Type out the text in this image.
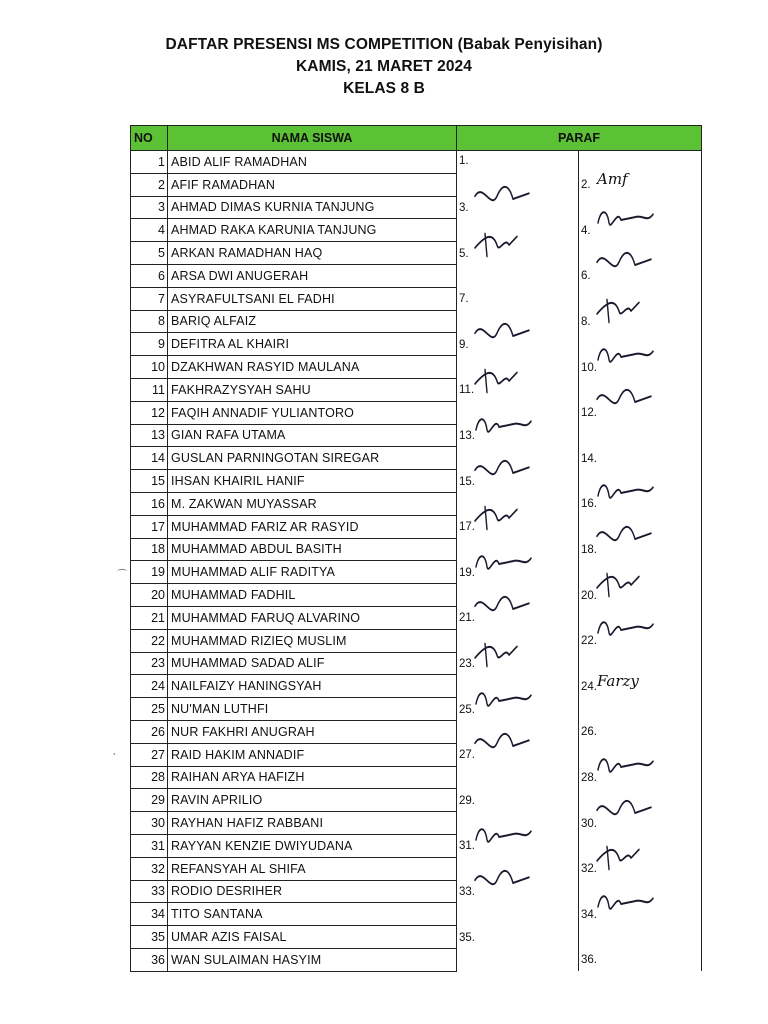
DAFTAR PRESENSI MS COMPETITION (Babak Penyisihan)
KAMIS, 21 MARET 2024
KELAS 8 B
NO	NAMA SISWA	PARAF	
1	ABID ALIF RAMADHAN	1.	

2	AFIF RAMADHAN		2. Amf

3	AHMAD DIMAS KURNIA TANJUNG	3.	

4	AHMAD RAKA KARUNIA TANJUNG		4.

5	ARKAN RAMADHAN HAQ	5.	

6	ARSA DWI ANUGERAH		6.

7	ASYRAFULTSANI EL FADHI	7.	

8	BARIQ ALFAIZ		8.

9	DEFITRA AL KHAIRI	9.	

10	DZAKHWAN RASYID MAULANA		10.

11	FAKHRAZYSYAH SAHU	11.	

12	FAQIH ANNADIF YULIANTORO		12.

13	GIAN RAFA UTAMA	13.	

14	GUSLAN PARNINGOTAN SIREGAR		14.

15	IHSAN KHAIRIL HANIF	15.	

16	M. ZAKWAN MUYASSAR		16.

17	MUHAMMAD FARIZ AR RASYID	17.	

18	MUHAMMAD ABDUL BASITH		18.

19	MUHAMMAD ALIF RADITYA	19.	

20	MUHAMMAD FADHIL		20.

21	MUHAMMAD FARUQ ALVARINO	21.	

22	MUHAMMAD RIZIEQ MUSLIM		22.

23	MUHAMMAD SADAD ALIF	23.	

24	NAILFAIZY HANINGSYAH		24. Farzy

25	NU'MAN LUTHFI	25.	

26	NUR FAKHRI ANUGRAH		26.

27	RAID HAKIM ANNADIF	27.	

28	RAIHAN ARYA HAFIZH		28.

29	RAVIN APRILIO	29.	

30	RAYHAN HAFIZ RABBANI		30.

31	RAYYAN KENZIE DWIYUDANA	31.	

32	REFANSYAH AL SHIFA		32.

33	RODIO DESRIHER	33.	

34	TITO SANTANA		34.

35	UMAR AZIS FAISAL	35.	

36	WAN SULAIMAN HASYIM		36.
⁀
’
